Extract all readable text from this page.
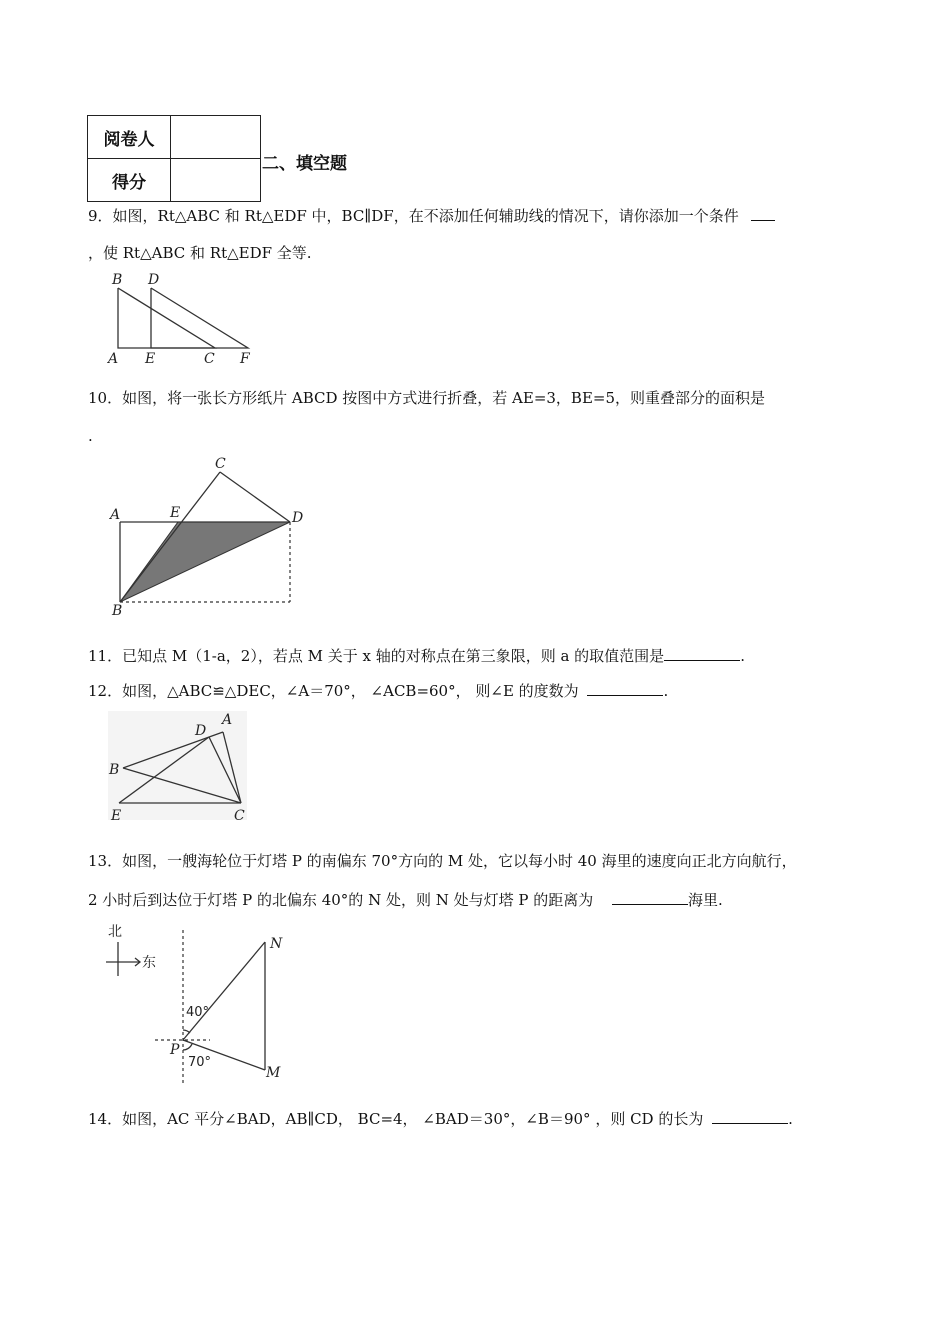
阅卷人	
得分	
二、填空题
9．如图，Rt△ABC 和 Rt△EDF 中，BC∥DF，在不添加任何辅助线的情况下，请你添加一个条件
，使 Rt△ABC 和 Rt△EDF 全等.
B D
A E	C F
10．如图，将一张长方形纸片 ABCD 按图中方式进行折叠，若 AE=3，BE=5，则重叠部分的面积是
.
C
A	E	D
B
11．已知点 M（1-a，2），若点 M 关于 x 轴的对称点在第三象限，则 a 的取值范围是	.
12．如图，△ABC≌△DEC，∠A＝70°， ∠ACB=60°， 则∠E 的度数为	.
D
A
B
E	C
13．如图，一艘海轮位于灯塔 P 的南偏东 70°方向的 M 处，它以每小时 40 海里的速度向正北方向航行，
2 小时后到达位于灯塔 P 的北偏东 40°的 N 处，则 N 处与灯塔 P 的距离为	海里.
北
东
40°
70°
N
P
M
14．如图，AC 平分∠BAD，AB∥CD， BC=4， ∠BAD＝30°，∠B＝90° ，则 CD 的长为	.
